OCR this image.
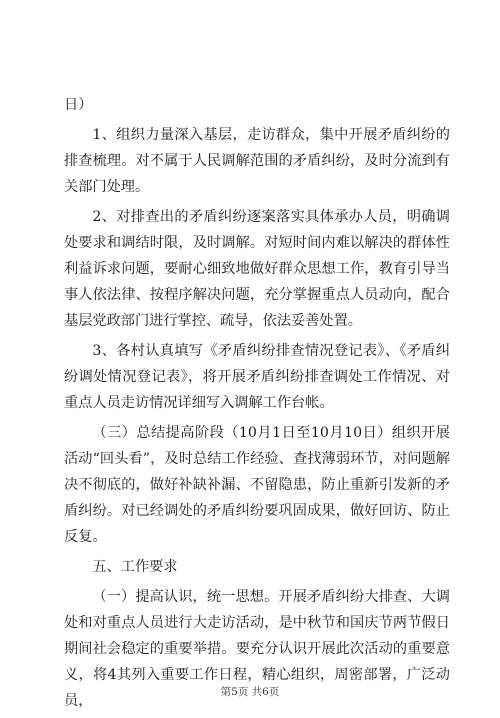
日）

1、组织力量深入基层，走访群众，集中开展矛盾纠纷的排查梳理。对不属于人民调解范围的矛盾纠纷，及时分流到有关部门处理。

2、对排查出的矛盾纠纷逐案落实具体承办人员，明确调处要求和调结时限，及时调解。对短时间内难以解决的群体性利益诉求问题，要耐心细致地做好群众思想工作，教育引导当事人依法律、按程序解决问题，充分掌握重点人员动向，配合基层党政部门进行掌控、疏导，依法妥善处置。

3、各村认真填写《矛盾纠纷排查情况登记表》、《矛盾纠纷调处情况登记表》，将开展矛盾纠纷排查调处工作情况、对重点人员走访情况详细写入调解工作台帐。

（三）总结提高阶段（10月1日至10月10日）组织开展活动“回头看”，及时总结工作经验、查找薄弱环节，对问题解决不彻底的，做好补缺补漏、不留隐患，防止重新引发新的矛盾纠纷。对已经调处的矛盾纠纷要巩固成果，做好回访、防止反复。

五、工作要求

（一）提高认识，统一思想。开展矛盾纠纷大排查、大调处和对重点人员进行大走访活动，是中秋节和国庆节两节假日期间社会稳定的重要举措。要充分认识开展此次活动的重要意义，将4其列入重要工作日程，精心组织，周密部署，广泛动员，

第5页 共6页
